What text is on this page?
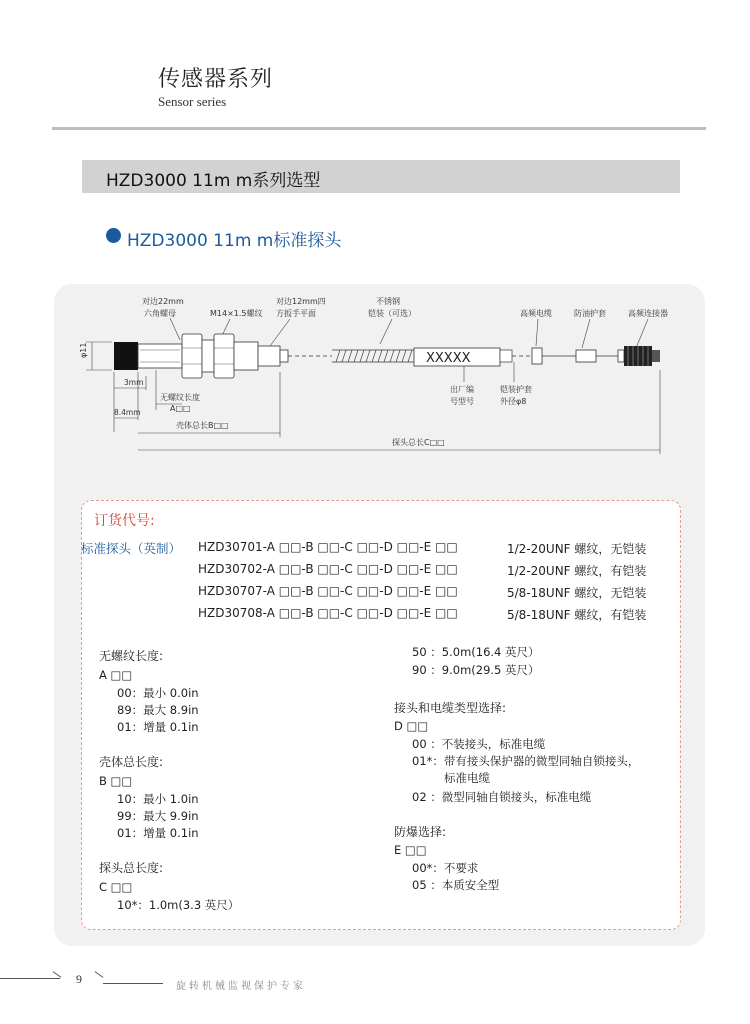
传感器系列
Sensor series
HZD3000 11m m系列选型
HZD3000 11m m标准探头
对边22mm
六角螺母	M14×1.5螺纹
对边12mm四
方扳手平面
不锈钢
铠装（可选）	高频电缆	防油护套	高频连接器
φ11
XXXXX
出厂编
号型号
铠装护套
外径φ8
3mm
8.4mm
无螺纹长度
A□□
壳体总长B□□
探头总长C□□
订货代号:
标准探头（英制） HZD30701-A □□-B □□-C □□-D □□-E □□	1/2-20UNF 螺纹，无铠装
HZD30702-A □□-B □□-C □□-D □□-E □□	1/2-20UNF 螺纹，有铠装
HZD30707-A □□-B □□-C □□-D □□-E □□	5/8-18UNF 螺纹，无铠装
HZD30708-A □□-B □□-C □□-D □□-E □□	5/8-18UNF 螺纹，有铠装
无螺纹长度:
A □□
00：最小 0.0in
89：最大 8.9in
01：增量 0.1in
壳体总长度:
B □□
10：最小 1.0in
99：最大 9.9in
01：增量 0.1in
探头总长度:
C □□
10*：1.0m(3.3 英尺）
50 ：5.0m(16.4 英尺）
90 ：9.0m(29.5 英尺）
接头和电缆类型选择:
D □□
00 ：不装接头，标准电缆
01*：带有接头保护器的微型同轴自锁接头，
标准电缆
02 ：微型同轴自锁接头，标准电缆
防爆选择:
E □□
00*：不要求
05 ：本质安全型
9
旋转机械监视保护专家
